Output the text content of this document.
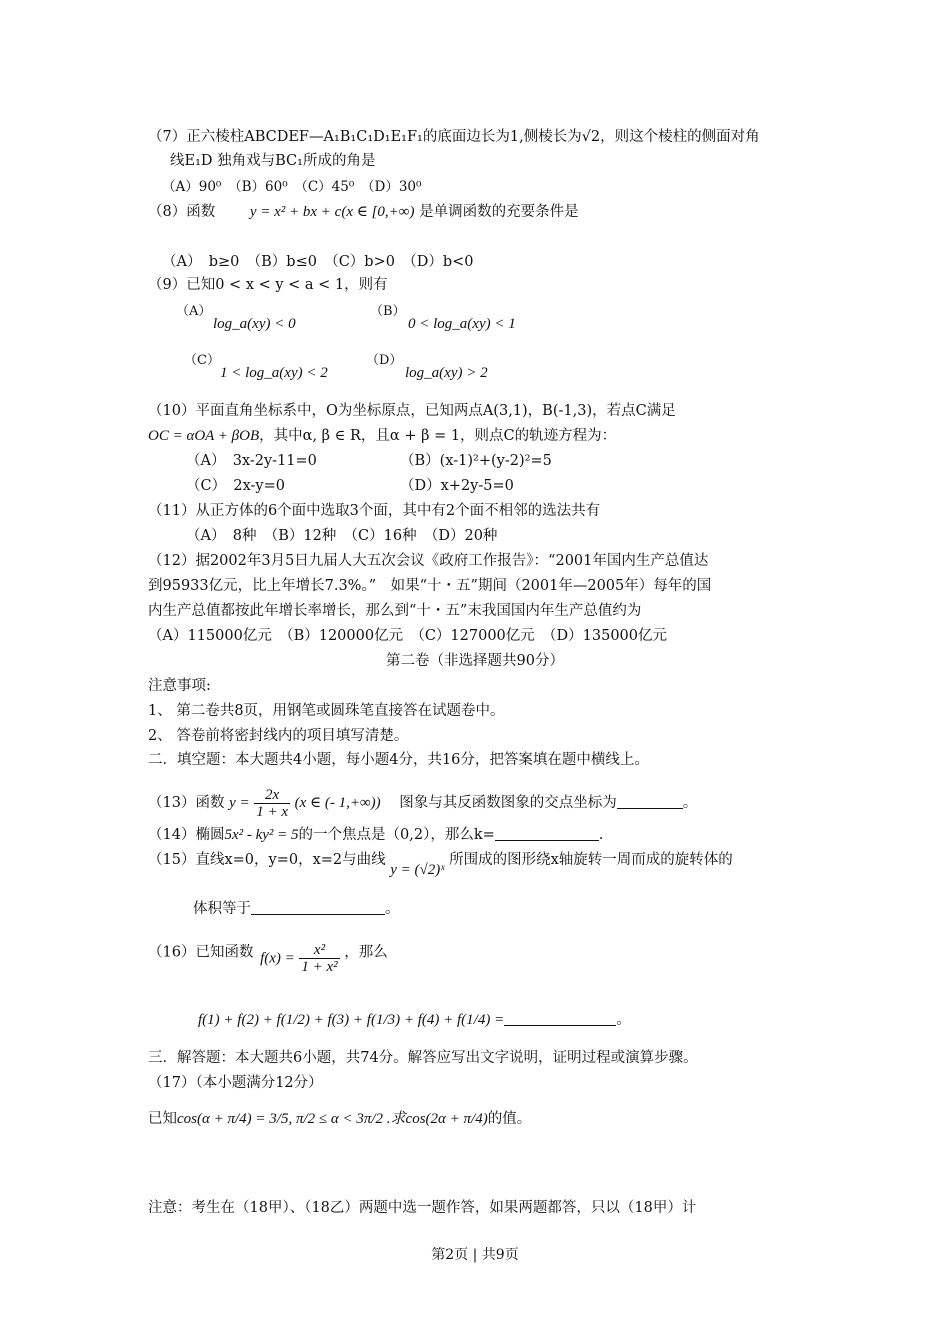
（7）正六棱柱ABCDEF—A₁B₁C₁D₁E₁F₁的底面边长为1,侧棱长为√2，则这个棱柱的侧面对角
线E₁D 独角戏与BC₁所成的角是
（A）90⁰　（B）60⁰　（C）45⁰　（D）30⁰
（8）函数 y = x² + bx + c(x ∈ [0,+∞) 是单调函数的充要条件是
（A）　b≥0　（B）b≤0　（C）b>0　（D）b<0
（9）已知0 < x < y < a < 1，则有
（A）
log_a(xy) < 0
（B）
0 < log_a(xy) < 1
（C）
1 < log_a(xy) < 2
（D）
log_a(xy) > 2
（10）平面直角坐标系中，O为坐标原点，已知两点A(3,1)，B(-1,3)，若点C满足
OC = αOA + βOB，其中α, β ∈ R，且α + β = 1，则点C的轨迹方程为：
（A）　3x-2y-11=0	（B）(x-1)²+(y-2)²=5
（C）　2x-y=0	（D）x+2y-5=0
（11）从正方体的6个面中选取3个面，其中有2个面不相邻的选法共有
（A）　8种　（B）12种　（C）16种　（D）20种
（12）据2002年3月5日九届人大五次会议《政府工作报告》：“2001年国内生产总值达
到95933亿元，比上年增长7.3%。”　如果“十・五”期间（2001年—2005年）每年的国
内生产总值都按此年增长率增长，那么到“十・五”末我国国内年生产总值约为
（A）115000亿元　（B）120000亿元　（C）127000亿元　（D）135000亿元
第二卷（非选择题共90分）
注意事项:
1、 第二卷共8页，用钢笔或圆珠笔直接答在试题卷中。
2、 答卷前将密封线内的项目填写清楚。
二．填空题：本大题共4小题，每小题4分，共16分，把答案填在题中横线上。
（13）函数 $y = \frac{2x}{1 + x} (x$ ∈ (- 1,+∞)) 图象与其反函数图象的交点坐标为	。
（14）椭圆5x² - ky² = 5的一个焦点是（0,2），那么k=	.
（15）直线x=0，y=0，x=2与曲线 y = (√2)ˣ 所围成的图形绕x轴旋转一周而成的旋转体的
体积等于	。
（16）已知函数 $f(x) = \frac{\text{x²}}{\text{1 + x²}}$ ，那么
f(1) + f(2) + f(1/2) + f(3) + f(1/3) + f(4) + f(1/4) =	。
三．解答题：本大题共6小题，共74分。解答应写出文字说明，证明过程或演算步骤。
（17）（本小题满分12分）
已知cos(α + π/4) = 3/5, π/2 ≤ α < 3π/2 .求cos(2α + π/4)的值。
注意：考生在（18甲）、（18乙）两题中选一题作答，如果两题都答，只以（18甲）计
第2页 | 共9页
